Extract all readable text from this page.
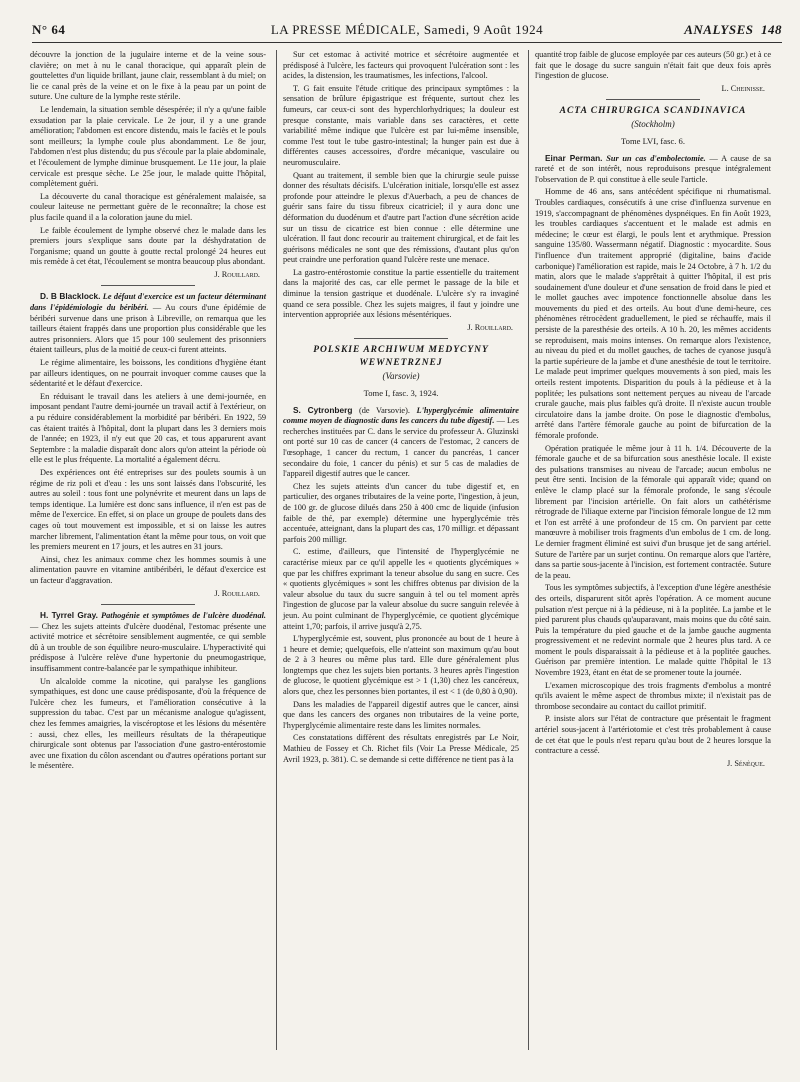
N° 64	LA PRESSE MÉDICALE, Samedi, 9 Août 1924	ANALYSES 148

découvre la jonction de la jugulaire interne et de la veine sous-clavière; on met à nu le canal thoracique, qui apparaît plein de gouttelettes d'un liquide brillant, jaune clair, ressemblant à du miel; on lie ce canal près de la veine et on le fixe à la peau par un point de suture. Une culture de la lymphe reste stérile.

Le lendemain, la situation semble désespérée; il n'y a qu'une faible exsudation par la plaie cervicale. Le 2e jour, il y a une grande amélioration; l'abdomen est encore distendu, mais le faciès et le pouls sont meilleurs; la lymphe coule plus abondamment. Le 8e jour, l'abdomen n'est plus distendu; du pus s'écoule par la plaie abdominale, et l'écoulement de lymphe diminue brusquement. Le 11e jour, la plaie cervicale est presque sèche. Le 25e jour, le malade quitte l'hôpital, complètement guéri.

La découverte du canal thoracique est généralement malaisée, sa couleur laiteuse ne permettant guère de le reconnaître; la chose est plus facile quand il a la coloration jaune du miel.

Le faible écoulement de lymphe observé chez le malade dans les premiers jours s'explique sans doute par la déshydratation de l'organisme; quand un goutte à goutte rectal prolongé 24 heures eut mis remède à cet état, l'écoulement se montra beaucoup plus abondant.

J. Rouillard.

D. B Blacklock. Le défaut d'exercice est un facteur déterminant dans l'épidémiologie du béribéri. — Au cours d'une épidémie de béribéri survenue dans une prison à Libreville, on remarqua que les tailleurs étaient frappés dans une proportion plus considérable que les autres prisonniers. Alors que 15 pour 100 seulement des prisonniers étaient tailleurs, plus de la moitié de ceux-ci furent atteints.

Le régime alimentaire, les boissons, les conditions d'hygiène étant par ailleurs identiques, on ne pourrait invoquer comme causes que la sédentarité et le défaut d'exercice.

En réduisant le travail dans les ateliers à une demi-journée, en imposant pendant l'autre demi-journée un travail actif à l'extérieur, on a pu réduire considérablement la morbidité par béribéri. En 1922, 59 cas étaient traités à l'hôpital, dont la plupart dans les 3 derniers mois de l'année; en 1923, il n'y eut que 20 cas, et tous apparurent avant Septembre : la maladie disparaît donc alors qu'on atteint la période où elle est le plus fréquente. La mortalité a également décru.

Des expériences ont été entreprises sur des poulets soumis à un régime de riz poli et d'eau : les uns sont laissés dans l'obscurité, les autres au soleil : tous font une polynévrite et meurent dans un laps de temps identique. La lumière est donc sans influence, il n'en est pas de même de l'exercice. En effet, si on place un groupe de poulets dans des cages où tout mouvement est impossible, et si on laisse les autres marcher librement, l'alimentation étant la même pour tous, on voit que les premiers meurent en 17 jours, et les autres en 31 jours.

Ainsi, chez les animaux comme chez les hommes soumis à une alimentation pauvre en vitamine antibéribéri, le défaut d'exercice est un facteur d'aggravation.

J. Rouillard.

H. Tyrrel Gray. Pathogénie et symptômes de l'ulcère duodénal. — Chez les sujets atteints d'ulcère duodénal, l'estomac présente une activité motrice et sécrétoire sensiblement augmentée, ce qui semble dû à un trouble de son équilibre neuro-musculaire. L'hyperactivité qui prédispose à l'ulcère relève d'une hypertonie du pneumogastrique, insuffisamment contre-balancée par le sympathique inhibiteur.

Un alcaloïde comme la nicotine, qui paralyse les ganglions sympathiques, est donc une cause prédisposante, d'où la fréquence de l'ulcère chez les fumeurs, et l'amélioration consécutive à la suppression du tabac. C'est par un mécanisme analogue qu'agissent, chez les femmes amaigries, la viscéroptose et les lésions du mésentère : aussi, chez elles, les meilleurs résultats de la thérapeutique chirurgicale sont obtenus par l'association d'une gastro-entérostomie avec une fixation du côlon ascendant ou d'autres opérations portant sur le mésentère.

Sur cet estomac à activité motrice et sécrétoire augmentée et prédisposé à l'ulcère, les facteurs qui provoquent l'ulcération sont : les acides, la distension, les traumatismes, les infections, l'alcool.

T. G fait ensuite l'étude critique des principaux symptômes : la sensation de brûlure épigastrique est fréquente, surtout chez les fumeurs, car ceux-ci sont des hyperchlorhydriques; la douleur est presque constante, mais variable dans ses caractères, et cette variabilité même indique que l'ulcère est par lui-même insensible, comme l'est tout le tube gastro-intestinal; la hunger pain est due à différentes causes accessoires, d'ordre mécanique, vasculaire ou neuromusculaire.

Quant au traitement, il semble bien que la chirurgie seule puisse donner des résultats décisifs. L'ulcération initiale, lorsqu'elle est assez profonde pour atteindre le plexus d'Auerbach, a peu de chances de guérir sans faire du tissu fibreux cicatriciel; il y aura donc une déformation du duodénum et d'autre part l'action d'une sécrétion acide sur un tissu de cicatrice est bien connue : elle détermine une ulcération. Il faut donc recourir au traitement chirurgical, et de fait les guérisons médicales ne sont que des rémissions, d'autant plus qu'on peut craindre une perforation quand l'ulcère reste une menace.

La gastro-entérostomie constitue la partie essentielle du traitement dans la majorité des cas, car elle permet le passage de la bile et diminue la tension gastrique et duodénale. L'ulcère s'y ra invaginé quand ce sera possible. Chez les sujets maigres, il faut y joindre une intervention appropriée aux lésions mésentériques.

J. Rouillard.

POLSKIE ARCHIWUM MEDYCYNY WEWNETRZNEJ

(Varsovie)

Tome I, fasc. 3, 1924.

S. Cytronberg (de Varsovie). L'hyperglycémie alimentaire comme moyen de diagnostic dans les cancers du tube digestif. — Les recherches instituées par C. dans le service du professeur A. Gluzinski ont porté sur 10 cas de cancer (4 cancers de l'estomac, 2 cancers de l'œsophage, 1 cancer du rectum, 1 cancer du pancréas, 1 cancer secondaire du foie, 1 cancer du pénis) et sur 5 cas de maladies de l'appareil digestif autres que le cancer.

Chez les sujets atteints d'un cancer du tube digestif et, en particulier, des organes tributaires de la veine porte, l'ingestion, à jeun, de 100 gr. de glucose dilués dans 250 à 400 cmc de liquide (infusion faible de thé, par exemple) détermine une hyperglycémie très accentuée, atteignant, dans la plupart des cas, 170 milligr. et dépassant parfois 200 milligr.

C. estime, d'ailleurs, que l'intensité de l'hyperglycémie ne caractérise mieux par ce qu'il appelle les « quotients glycémiques » que par les chiffres exprimant la teneur absolue du sang en sucre. Ces « quotients glycémiques » sont les chiffres obtenus par division de la valeur absolue du taux du sucre sanguin à tel ou tel moment après l'ingestion de glucose par la valeur absolue du sucre sanguin relevée à jeun. Au point culminant de l'hyperglycémie, ce quotient glycémique atteint 1,70; parfois, il arrive jusqu'à 2,75.

L'hyperglycémie est, souvent, plus prononcée au bout de 1 heure à 1 heure et demie; quelquefois, elle n'atteint son maximum qu'au bout de 2 à 3 heures ou même plus tard. Elle dure généralement plus longtemps que chez les sujets bien portants. 3 heures après l'ingestion de glucose, le quotient glycémique est > 1 (1,30) chez les cancéreux, alors que, chez les personnes bien portantes, il est < 1 (de 0,80 à 0,90).

Dans les maladies de l'appareil digestif autres que le cancer, ainsi que dans les cancers des organes non tributaires de la veine porte, l'hyperglycémie alimentaire reste dans les limites normales.

Ces constatations diffèrent des résultats enregistrés par Le Noir, Mathieu de Fossey et Ch. Richet fils (Voir La Presse Médicale, 25 Avril 1923, p. 381). C. se demande si cette différence ne tient pas à la

quantité trop faible de glucose employée par ces auteurs (50 gr.) et à ce fait que le dosage du sucre sanguin n'était fait que deux fois après l'ingestion de glucose.

L. Cheinisse.

ACTA CHIRURGICA SCANDINAVICA

(Stockholm)

Tome LVI, fasc. 6.

Einar Perman. Sur un cas d'embolectomie. — A cause de sa rareté et de son intérêt, nous reproduisons presque intégralement l'observation de P. qui constitue à elle seule l'article.

Homme de 46 ans, sans antécédent spécifique ni rhumatismal. Troubles cardiaques, consécutifs à une crise d'influenza survenue en 1919, s'accompagnant de phénomènes dyspnéiques. En fin Août 1923, les troubles cardiaques s'accentuent et le malade est admis en médecine; le cœur est élargi, le pouls lent et arythmique. Pression sanguine 135/80. Wassermann négatif. Diagnostic : myocardite. Sous l'influence d'un traitement approprié (digitaline, bains d'acide carbonique) l'amélioration est rapide, mais le 24 Octobre, à 7 h. 1/2 du matin, alors que le malade s'apprêtait à quitter l'hôpital, il est pris soudainement d'une douleur et d'une sensation de froid dans le pied et le mollet gauches avec impotence fonctionnelle absolue dans les mouvements du pied et des orteils. Au bout d'une demi-heure, ces phénomènes rétrocèdent graduellement, le pied se réchauffe, mais il persiste de la paresthésie des orteils. A 10 h. 20, les mêmes accidents se reproduisent, mais moins intenses. On remarque alors l'existence, au niveau du pied et du mollet gauches, de taches de cyanose jusqu'à la partie supérieure de la jambe et d'une anesthésie de tout le territoire. Le malade peut imprimer quelques mouvements à son pied, mais les orteils restent impotents. Disparition du pouls à la pédieuse et à la poplitée; les pulsations sont nettement perçues au niveau de l'arcade crurale gauche, mais plus faibles qu'à droite. Il n'existe aucun trouble circulatoire dans la jambe droite. On pose le diagnostic d'embolus, arrêté dans l'artère fémorale gauche au point de bifurcation de la fémorale profonde.

Opération pratiquée le même jour à 11 h. 1/4. Découverte de la fémorale gauche et de sa bifurcation sous anesthésie locale. Il existe des pulsations transmises au niveau de l'arcade; aucun embolus ne peut être senti. Incision de la fémorale qui apparaît vide; quand on enlève le clamp placé sur la fémorale profonde, le sang s'écoule librement par l'incision artérielle. On fait alors un cathétérisme rétrograde de l'iliaque externe par l'incision fémorale longue de 12 mm et l'on est arrêté à une profondeur de 15 cm. On parvient par cette manœuvre à mobiliser trois fragments d'un embolus de 1 cm. de long. Le dernier fragment éliminé est suivi d'un brusque jet de sang artériel. Suture de l'artère par un surjet continu. On remarque alors que l'artère, dans sa partie sous-jacente à l'incision, est fortement contractée. Suture de la peau.

Tous les symptômes subjectifs, à l'exception d'une légère anesthésie des orteils, disparurent sitôt après l'opération. A ce moment aucune pulsation n'est perçue ni à la pédieuse, ni à la poplitée. La jambe et le pied parurent plus chauds qu'auparavant, mais moins que du côté sain. Puis la température du pied gauche et de la jambe gauche augmenta progressivement et ne redevint normale que 2 heures plus tard. A ce moment le pouls disparaissait à la pédieuse et à la poplitée gauches. Guérison par première intention. Le malade quitte l'hôpital le 13 Novembre 1923, étant en état de se promener toute la journée.

L'examen microscopique des trois fragments d'embolus a montré qu'ils avaient le même aspect de thrombus mixte; il n'existait pas de thrombose secondaire au contact du caillot primitif.

P. insiste alors sur l'état de contracture que présentait le fragment artériel sous-jacent à l'artériotomie et c'est très probablement à cause de cet état que le pouls n'est reparu qu'au bout de 2 heures lorsque la contracture a cessé.

J. Sénèque.
